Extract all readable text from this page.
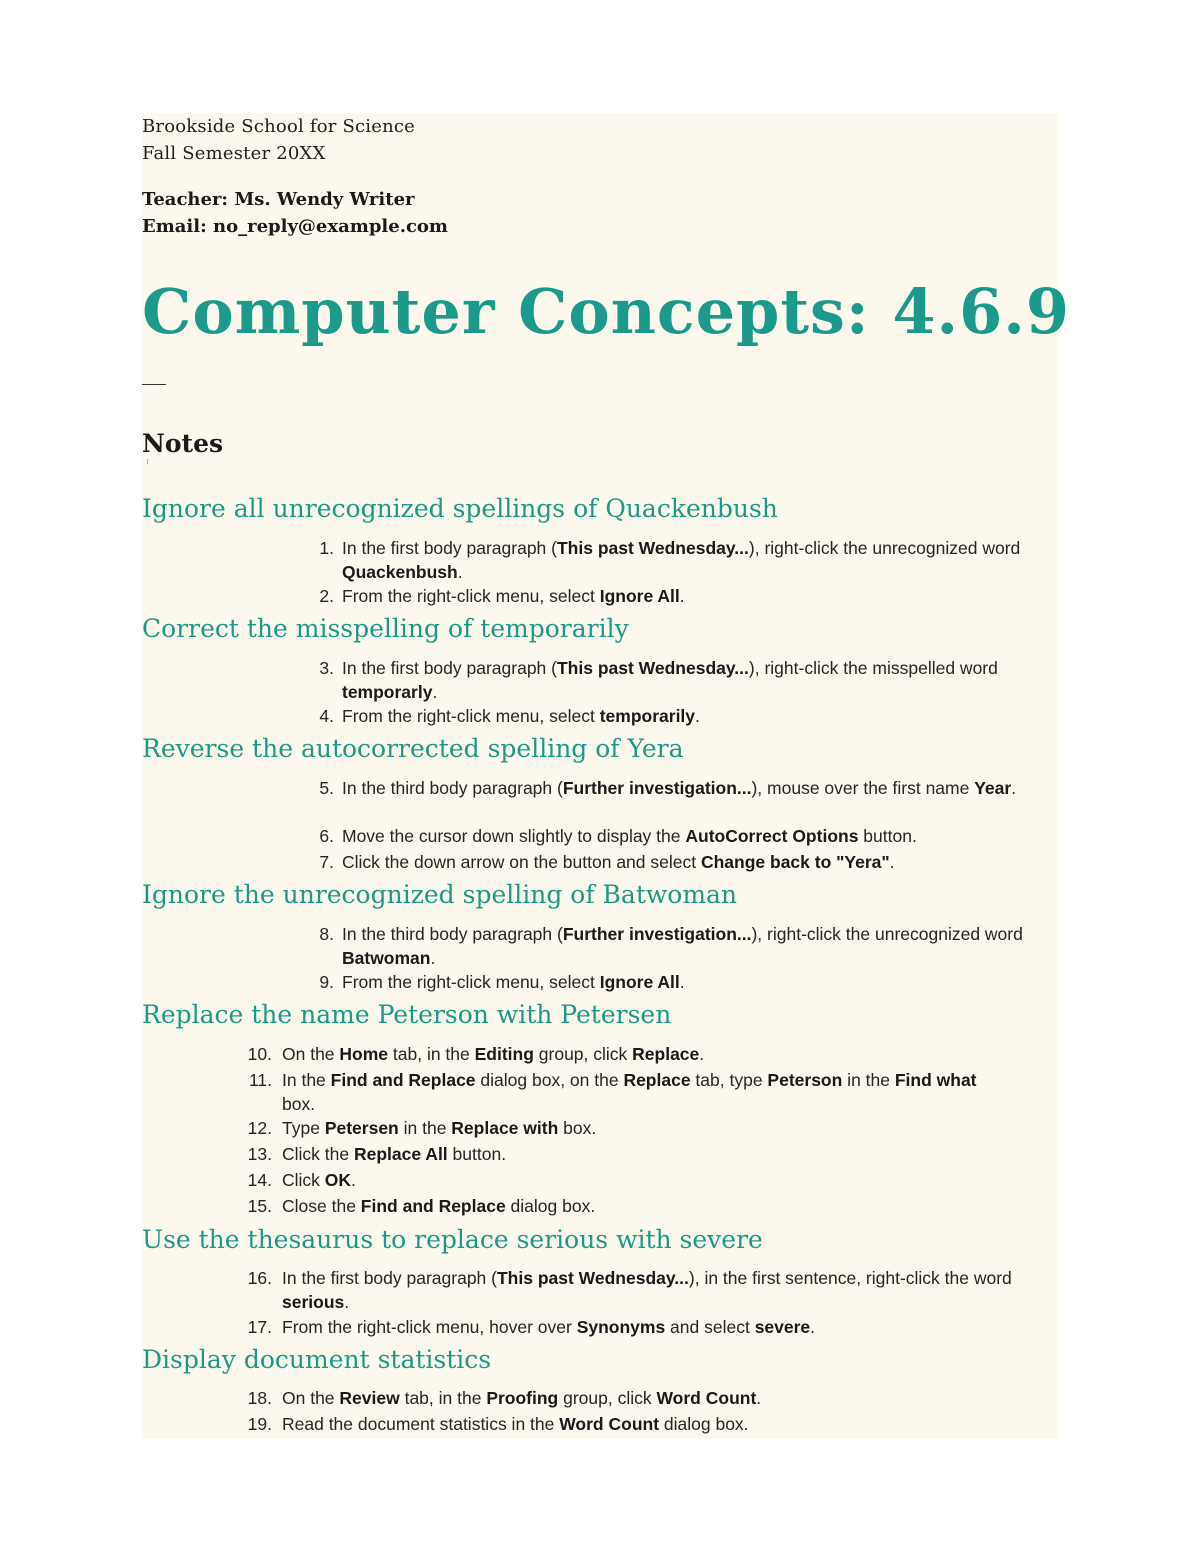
Brookside School for Science
Fall Semester 20XX
Teacher: Ms. Wendy Writer
Email: no_reply@example.com
Computer Concepts: 4.6.9
Notes
Ignore all unrecognized spellings of Quackenbush
1. In the first body paragraph (This past Wednesday...), right-click the unrecognized word Quackenbush.
2. From the right-click menu, select Ignore All.
Correct the misspelling of temporarily
3. In the first body paragraph (This past Wednesday...), right-click the misspelled word temporarly.
4. From the right-click menu, select temporarily.
Reverse the autocorrected spelling of Yera
5. In the third body paragraph (Further investigation...), mouse over the first name Year.
6. Move the cursor down slightly to display the AutoCorrect Options button.
7. Click the down arrow on the button and select Change back to "Yera".
Ignore the unrecognized spelling of Batwoman
8. In the third body paragraph (Further investigation...), right-click the unrecognized word Batwoman.
9. From the right-click menu, select Ignore All.
Replace the name Peterson with Petersen
10. On the Home tab, in the Editing group, click Replace.
11. In the Find and Replace dialog box, on the Replace tab, type Peterson in the Find what box.
12. Type Petersen in the Replace with box.
13. Click the Replace All button.
14. Click OK.
15. Close the Find and Replace dialog box.
Use the thesaurus to replace serious with severe
16. In the first body paragraph (This past Wednesday...), in the first sentence, right-click the word serious.
17. From the right-click menu, hover over Synonyms and select severe.
Display document statistics
18. On the Review tab, in the Proofing group, click Word Count.
19. Read the document statistics in the Word Count dialog box.
